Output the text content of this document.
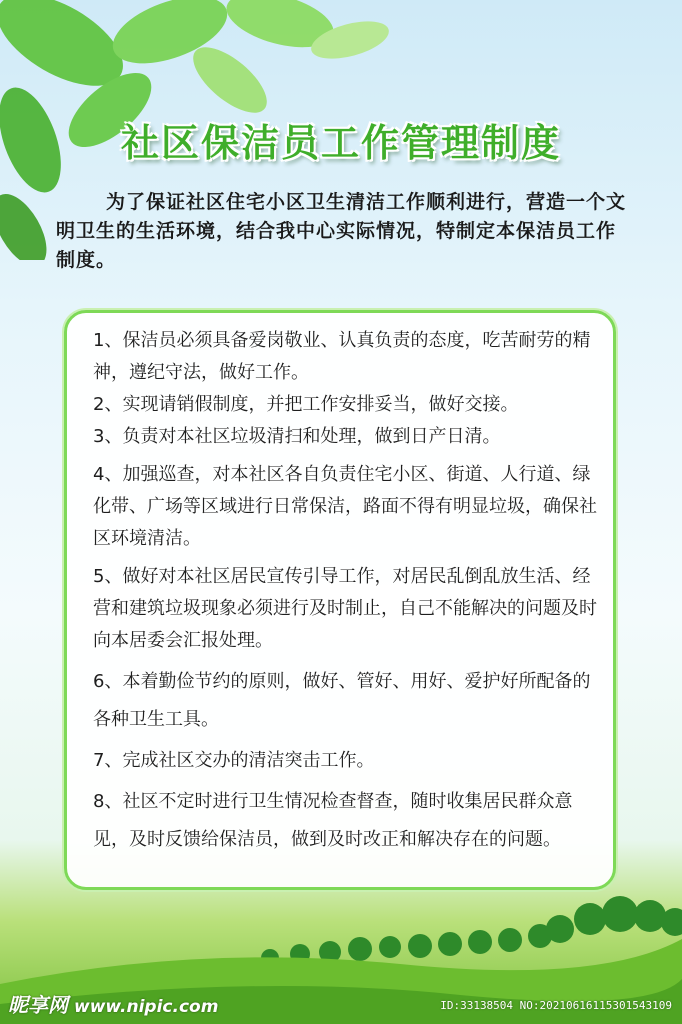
社区保洁员工作管理制度
为了保证社区住宅小区卫生清洁工作顺利进行，营造一个文明卫生的生活环境，结合我中心实际情况，特制定本保洁员工作制度。
1、保洁员必须具备爱岗敬业、认真负责的态度，吃苦耐劳的精神，遵纪守法，做好工作。
2、实现请销假制度，并把工作安排妥当，做好交接。
3、负责对本社区垃圾清扫和处理，做到日产日清。
4、加强巡查，对本社区各自负责住宅小区、街道、人行道、绿化带、广场等区域进行日常保洁，路面不得有明显垃圾，确保社区环境清洁。
5、做好对本社区居民宣传引导工作，对居民乱倒乱放生活、经营和建筑垃圾现象必须进行及时制止，自己不能解决的问题及时向本居委会汇报处理。
6、本着勤俭节约的原则，做好、管好、用好、爱护好所配备的各种卫生工具。
7、完成社区交办的清洁突击工作。
8、社区不定时进行卫生情况检查督查，随时收集居民群众意见，及时反馈给保洁员，做到及时改正和解决存在的问题。
昵享网 www.nipic.com	ID:33138504 NO:20210616115301543109
